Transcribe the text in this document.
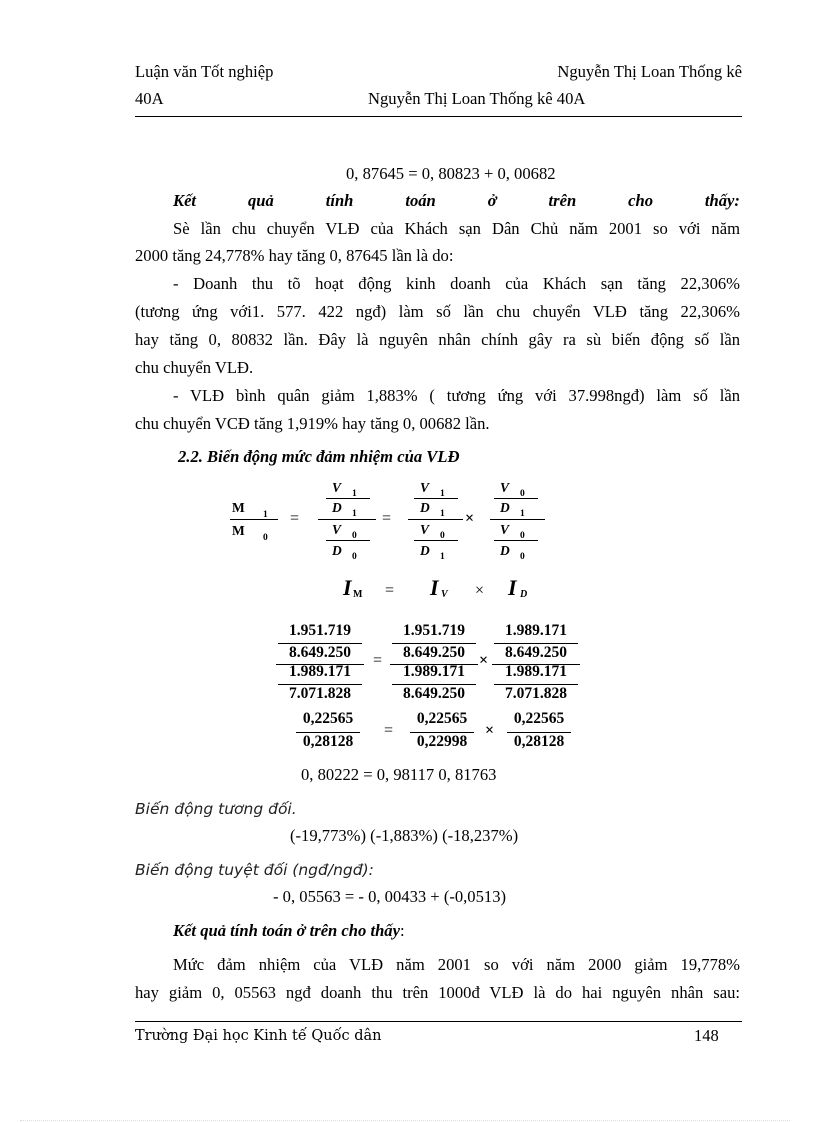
Luận văn Tốt nghiệp	Nguyễn Thị Loan Thống kê
40A	Nguyễn Thị Loan Thống kê 40A
0, 87645 = 0, 80823 + 0, 00682
Kết	quả	tính	toán	ở	trên	cho	thấy:
Sè lần chu chuyển VLĐ của Khách sạn Dân Chủ năm 2001 so với năm
2000 tăng 24,778% hay tăng 0, 87645 lần là do:
- Doanh thu tõ hoạt động kinh doanh của Khách sạn tăng 22,306%
(tương ứng với1. 577. 422 ngđ) làm số lần chu chuyển VLĐ tăng 22,306%
hay tăng 0, 80832 lần. Đây là nguyên nhân chính gây ra sù biến động số lần
chu chuyển VLĐ.
- VLĐ bình quân giảm 1,883% ( tương ứng với 37.998ngđ) làm số lần
chu chuyển VCĐ tăng 1,919% hay tăng 0, 00682 lần.
2.2. Biến động mức đảm nhiệm của VLĐ
M 1
M 0
=
V 1
D 1
V 0
D 0
=
V 1
D 1
V 0
D 1
×
V 0
D 1
V 0
D 0
I M = I V × I D
1.951.719
8.649.250
1.989.171
7.071.828
=
1.951.719
8.649.250
1.989.171
8.649.250
×
1.989.171
8.649.250
1.989.171
7.071.828
0,22565
0,28128
=
0,22565
0,22998
×
0,22565
0,28128
0, 80222 = 0, 98117 0, 81763
Biến động tương đối.
(-19,773%) (-1,883%) (-18,237%)
Biến động tuyệt đối (ngđ/ngđ):
- 0, 05563 = - 0, 00433 + (-0,0513)
Kết quả tính toán ở trên cho thấy:
Mức đảm nhiệm của VLĐ năm 2001 so với năm 2000 giảm 19,778%
hay giảm 0, 05563 ngđ doanh thu trên 1000đ VLĐ là do hai nguyên nhân sau:
Trường Đại học Kinh tế Quốc dân	148
